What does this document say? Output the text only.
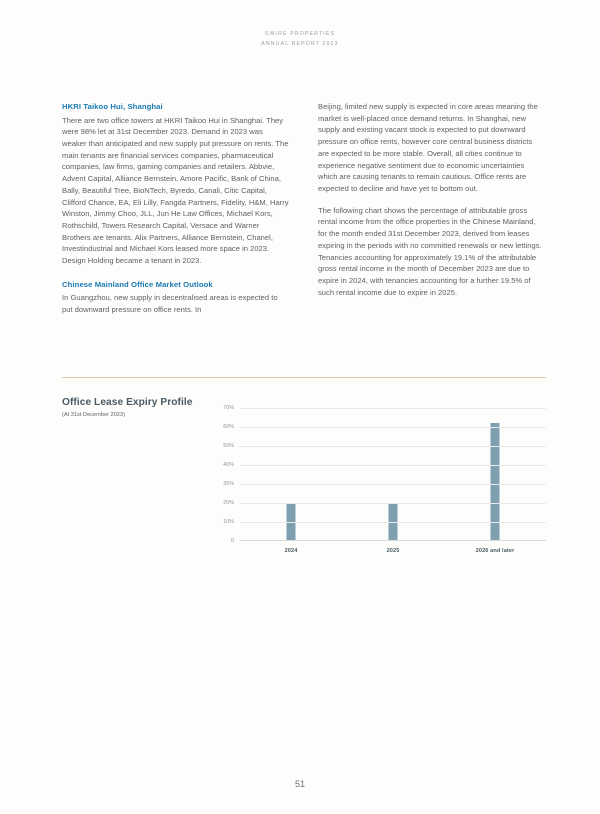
SWIRE PROPERTIES
ANNUAL REPORT 2023
HKRI Taikoo Hui, Shanghai

There are two office towers at HKRI Taikoo Hui in Shanghai. They were 98% let at 31st December 2023. Demand in 2023 was weaker than anticipated and new supply put pressure on rents. The main tenants are financial services companies, pharmaceutical companies, law firms, gaming companies and retailers. Abbvie, Advent Capital, Alliance Bernstein, Amore Pacific, Bank of China, Bally, Beautiful Tree, BioNTech, Byredo, Canali, Citic Capital, Clifford Chance, EA, Eli Lilly, Fangda Partners, Fidelity, H&M, Harry Winston, Jimmy Choo, JLL, Jun He Law Offices, Michael Kors, Rothschild, Towers Research Capital, Versace and Warner Brothers are tenants. Alix Partners, Alliance Bernstein, Chanel, Investindustrial and Michael Kors leased more space in 2023. Design Holding became a tenant in 2023.

Chinese Mainland Office Market Outlook

In Guangzhou, new supply in decentralised areas is expected to put downward pressure on office rents. In

Beijing, limited new supply is expected in core areas meaning the market is well-placed once demand returns. In Shanghai, new supply and existing vacant stock is expected to put downward pressure on office rents, however core central business districts are expected to be more stable. Overall, all cities continue to experience negative sentiment due to economic uncertainties which are causing tenants to remain cautious. Office rents are expected to decline and have yet to bottom out.

The following chart shows the percentage of attributable gross rental income from the office properties in the Chinese Mainland, for the month ended 31st December 2023, derived from leases expiring in the periods with no committed renewals or new lettings. Tenancies accounting for approximately 19.1% of the attributable gross rental income in the month of December 2023 are due to expire in 2024, with tenancies accounting for a further 19.5% of such rental income due to expire in 2025.

Office Lease Expiry Profile
(At 31st December 2023)
70%
60%
50%
40%
30%
20%
10%
0
2024	2025	2026 and later
51
